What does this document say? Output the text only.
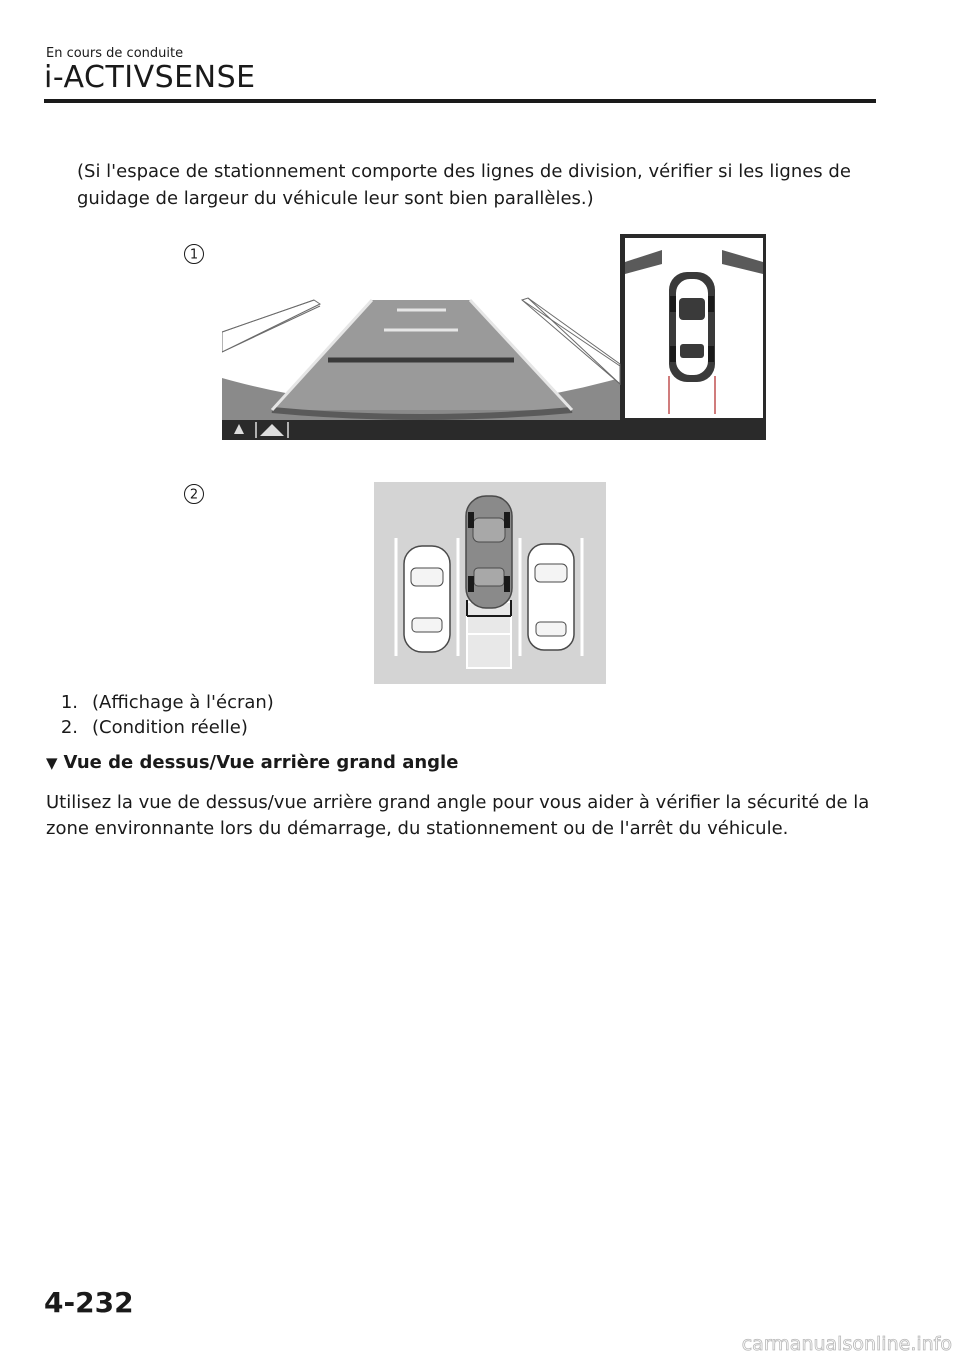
En cours de conduite
i-ACTIVSENSE
(Si l'espace de stationnement comporte des lignes de division, vérifier si les lignes de guidage de largeur du véhicule leur sont bien parallèles.)
1
2
1. (Affichage à l'écran)
2. (Condition réelle)
▼ Vue de dessus/Vue arrière grand angle
Utilisez la vue de dessus/vue arrière grand angle pour vous aider à vérifier la sécurité de la zone environnante lors du démarrage, du stationnement ou de l'arrêt du véhicule.
4-232
carmanualsonline.info
